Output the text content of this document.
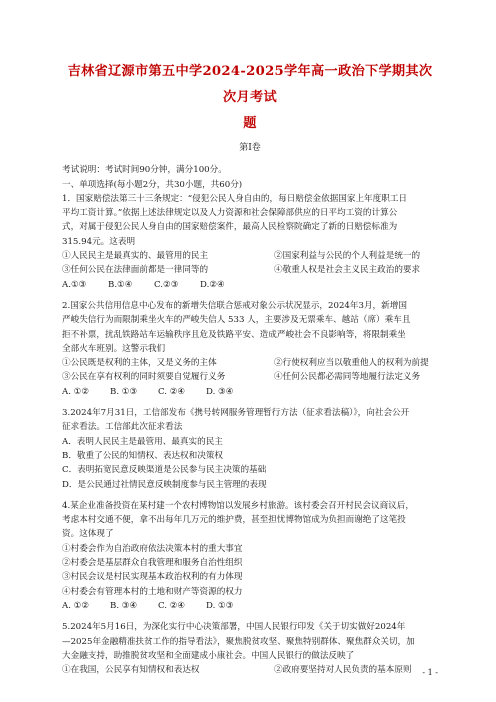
吉林省辽源市第五中学2024-2025学年高一政治下学期其次次月考试

题

第Ⅰ卷

考试说明：考试时间90分钟，满分100分。

一、单项选择(每小题2分，共30小题，共60分)

1．国家赔偿法第三十三条规定：“侵犯公民人身自由的，每日赔偿金依据国家上年度职工日

平均工资计算。”依据上述法律规定以及人力资源和社会保障部供应的日平均工资的计算公

式，对属于侵犯公民人身自由的国家赔偿案件，最高人民检察院确定了新的日赔偿标准为

315.94元。这表明

①人民民主是最真实的、最管用的民主	②国家利益与公民的个人利益是统一的
③任何公民在法律面前都是一律同等的	④敬重人权是社会主义民主政治的要求
A.①③	B.①④	C.②③	D.②④

2.国家公共信用信息中心发布的新增失信联合惩戒对象公示状况显示，2024年3月，新增国

严峻失信行为而限制乘坐火车的严峻失信人 533 人，主要涉及无票乘车、越站（席）乘车且

拒不补票，扰乱铁路站车运输秩序且危及铁路平安、造成严峻社会不良影响等，将限制乘坐

全部火车班别。这警示我们

①公民既是权利的主体，又是义务的主体	②行使权利应当以敬重他人的权利为前提
③公民在享有权利的同时须要自觉履行义务	④任何公民都必需同等地履行法定义务
A. ①② B. ①③ C. ②④ D. ③④

3.2024年7月31日，工信部发布《携号转网服务管理暂行方法（征求看法稿）》，向社会公开

征求看法。工信部此次征求看法

A．表明人民民主是最管用、最真实的民主

B．敬重了公民的知情权、表达权和决策权

C．表明拓宽民意反映渠道是公民参与民主决策的基础

D．是公民通过社情民意反映制度参与民主管理的表现

4.某企业准备投资在某村建一个农村博物馆以发展乡村旅游。该村委会召开村民会议商议后，

考虑本村交通不便，拿不出每年几万元的维护费，甚至担忧博物馆成为负担而谢绝了这笔投

资。这体现了

①村委会作为自治政府依法决策本村的重大事宜

②村委会是基层群众自我管理和服务自治性组织

③村民会议是村民实现基本政治权利的有力体现

④村委会有管理本村的土地和财产等资源的权力

A. ①② B. ③④ C. ②④ D. ①③

5.2024年5月16日，为深化实行中心决策部署，中国人民银行印发《关于切实做好2024年

—2025年金融精准扶贫工作的指导看法》，聚焦脱贫攻坚、聚焦特别群体、聚焦群众关切，加

大金融支持，助推脱贫攻坚和全面建成小康社会。中国人民银行的做法反映了

①在我国，公民享有知情权和表达权	②政府要坚持对人民负责的基本原则 - 1 -
